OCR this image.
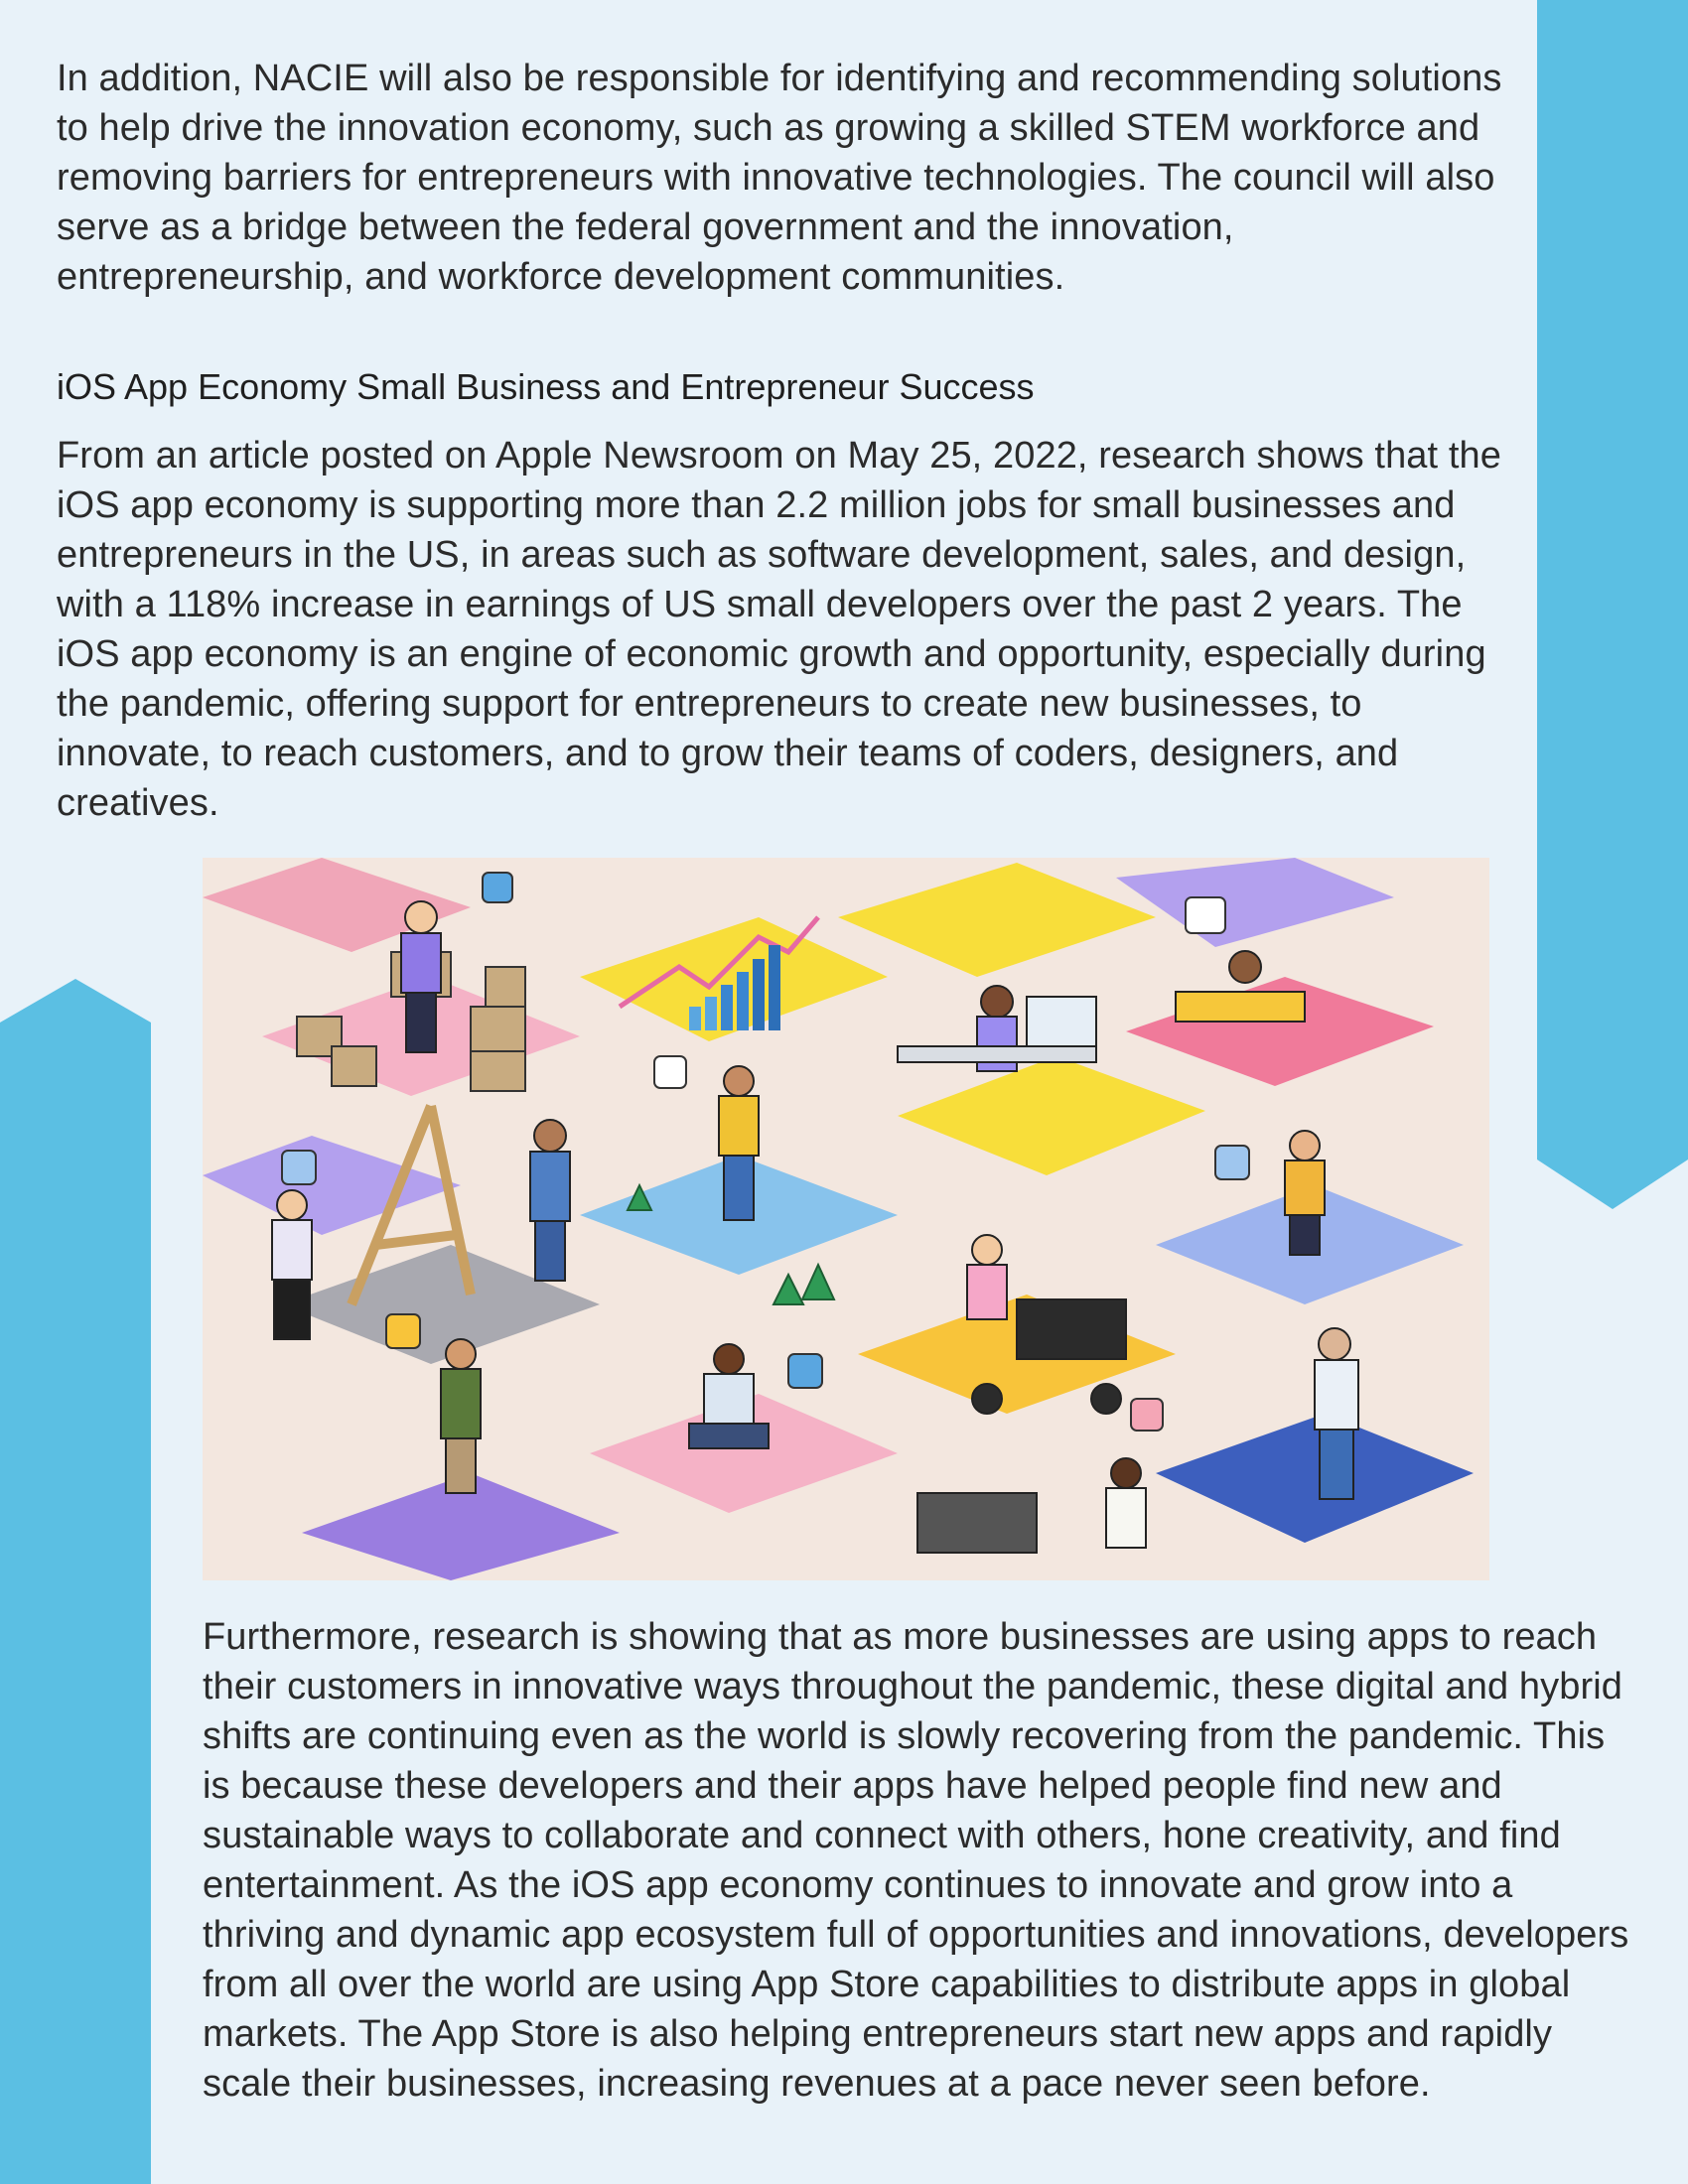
In addition, NACIE will also be responsible for identifying and recommending solutions to help drive the innovation economy, such as growing a skilled STEM workforce and removing barriers for entrepreneurs with innovative technologies. The council will also serve as a bridge between the federal government and the innovation, entrepreneurship, and workforce development communities.

iOS App Economy Small Business and Entrepreneur Success

From an article posted on Apple Newsroom on May 25, 2022, research shows that the iOS app economy is supporting more than 2.2 million jobs for small businesses and entrepreneurs in the US, in areas such as software development, sales, and design, with a 118% increase in earnings of US small developers over the past 2 years. The iOS app economy is an engine of economic growth and opportunity, especially during the pandemic, offering support for entrepreneurs to create new businesses, to innovate, to reach customers, and to grow their teams of coders, designers, and creatives.

Furthermore, research is showing that as more businesses are using apps to reach their customers in innovative ways throughout the pandemic, these digital and hybrid shifts are continuing even as the world is slowly recovering from the pandemic. This is because these developers and their apps have helped people find new and sustainable ways to collaborate and connect with others, hone creativity, and find entertainment. As the iOS app economy continues to innovate and grow into a thriving and dynamic app ecosystem full of opportunities and innovations, developers from all over the world are using App Store capabilities to distribute apps in global markets. The App Store is also helping entrepreneurs start new apps and rapidly scale their businesses, increasing revenues at a pace never seen before.
